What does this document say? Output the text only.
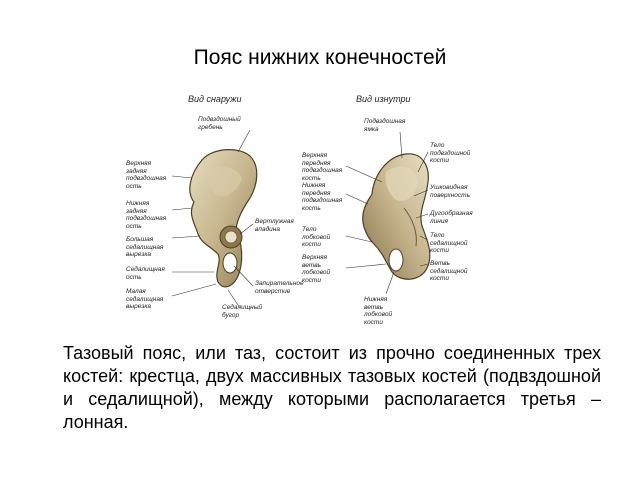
Пояс нижних конечностей
Вид снаружи	Вид изнутри
Подвздошный
гребень
Верхняя
задняя
подвздошная
ость
Нижняя
задняя
подвздошная
ость
Большая
седалищная
вырезка
Седалищная
ость
Малая
седалищная
вырезка
Вертлужная
впадина
Запирательное
отверстие
Седалищный
бугор
Подвздошная
ямка
Верхняя
передняя
подвздошная
кость
Нижняя
передняя
подвздошная
кость
Тело
лобковой
кости
Верхняя
ветвь
лобковой
кости
Нижняя
ветвь
лобковой
кости
Тело
подвздошной
кости
Ушковидная
поверхность
Дугообразная
линия
Тело
седалищной
кости
Ветвь
седалищной
кости
Тазовый пояс, или таз, состоит из прочно соединенных трех костей: крестца, двух массивных тазовых костей (подвздошной и седалищной), между которыми располагается третья – лонная.
